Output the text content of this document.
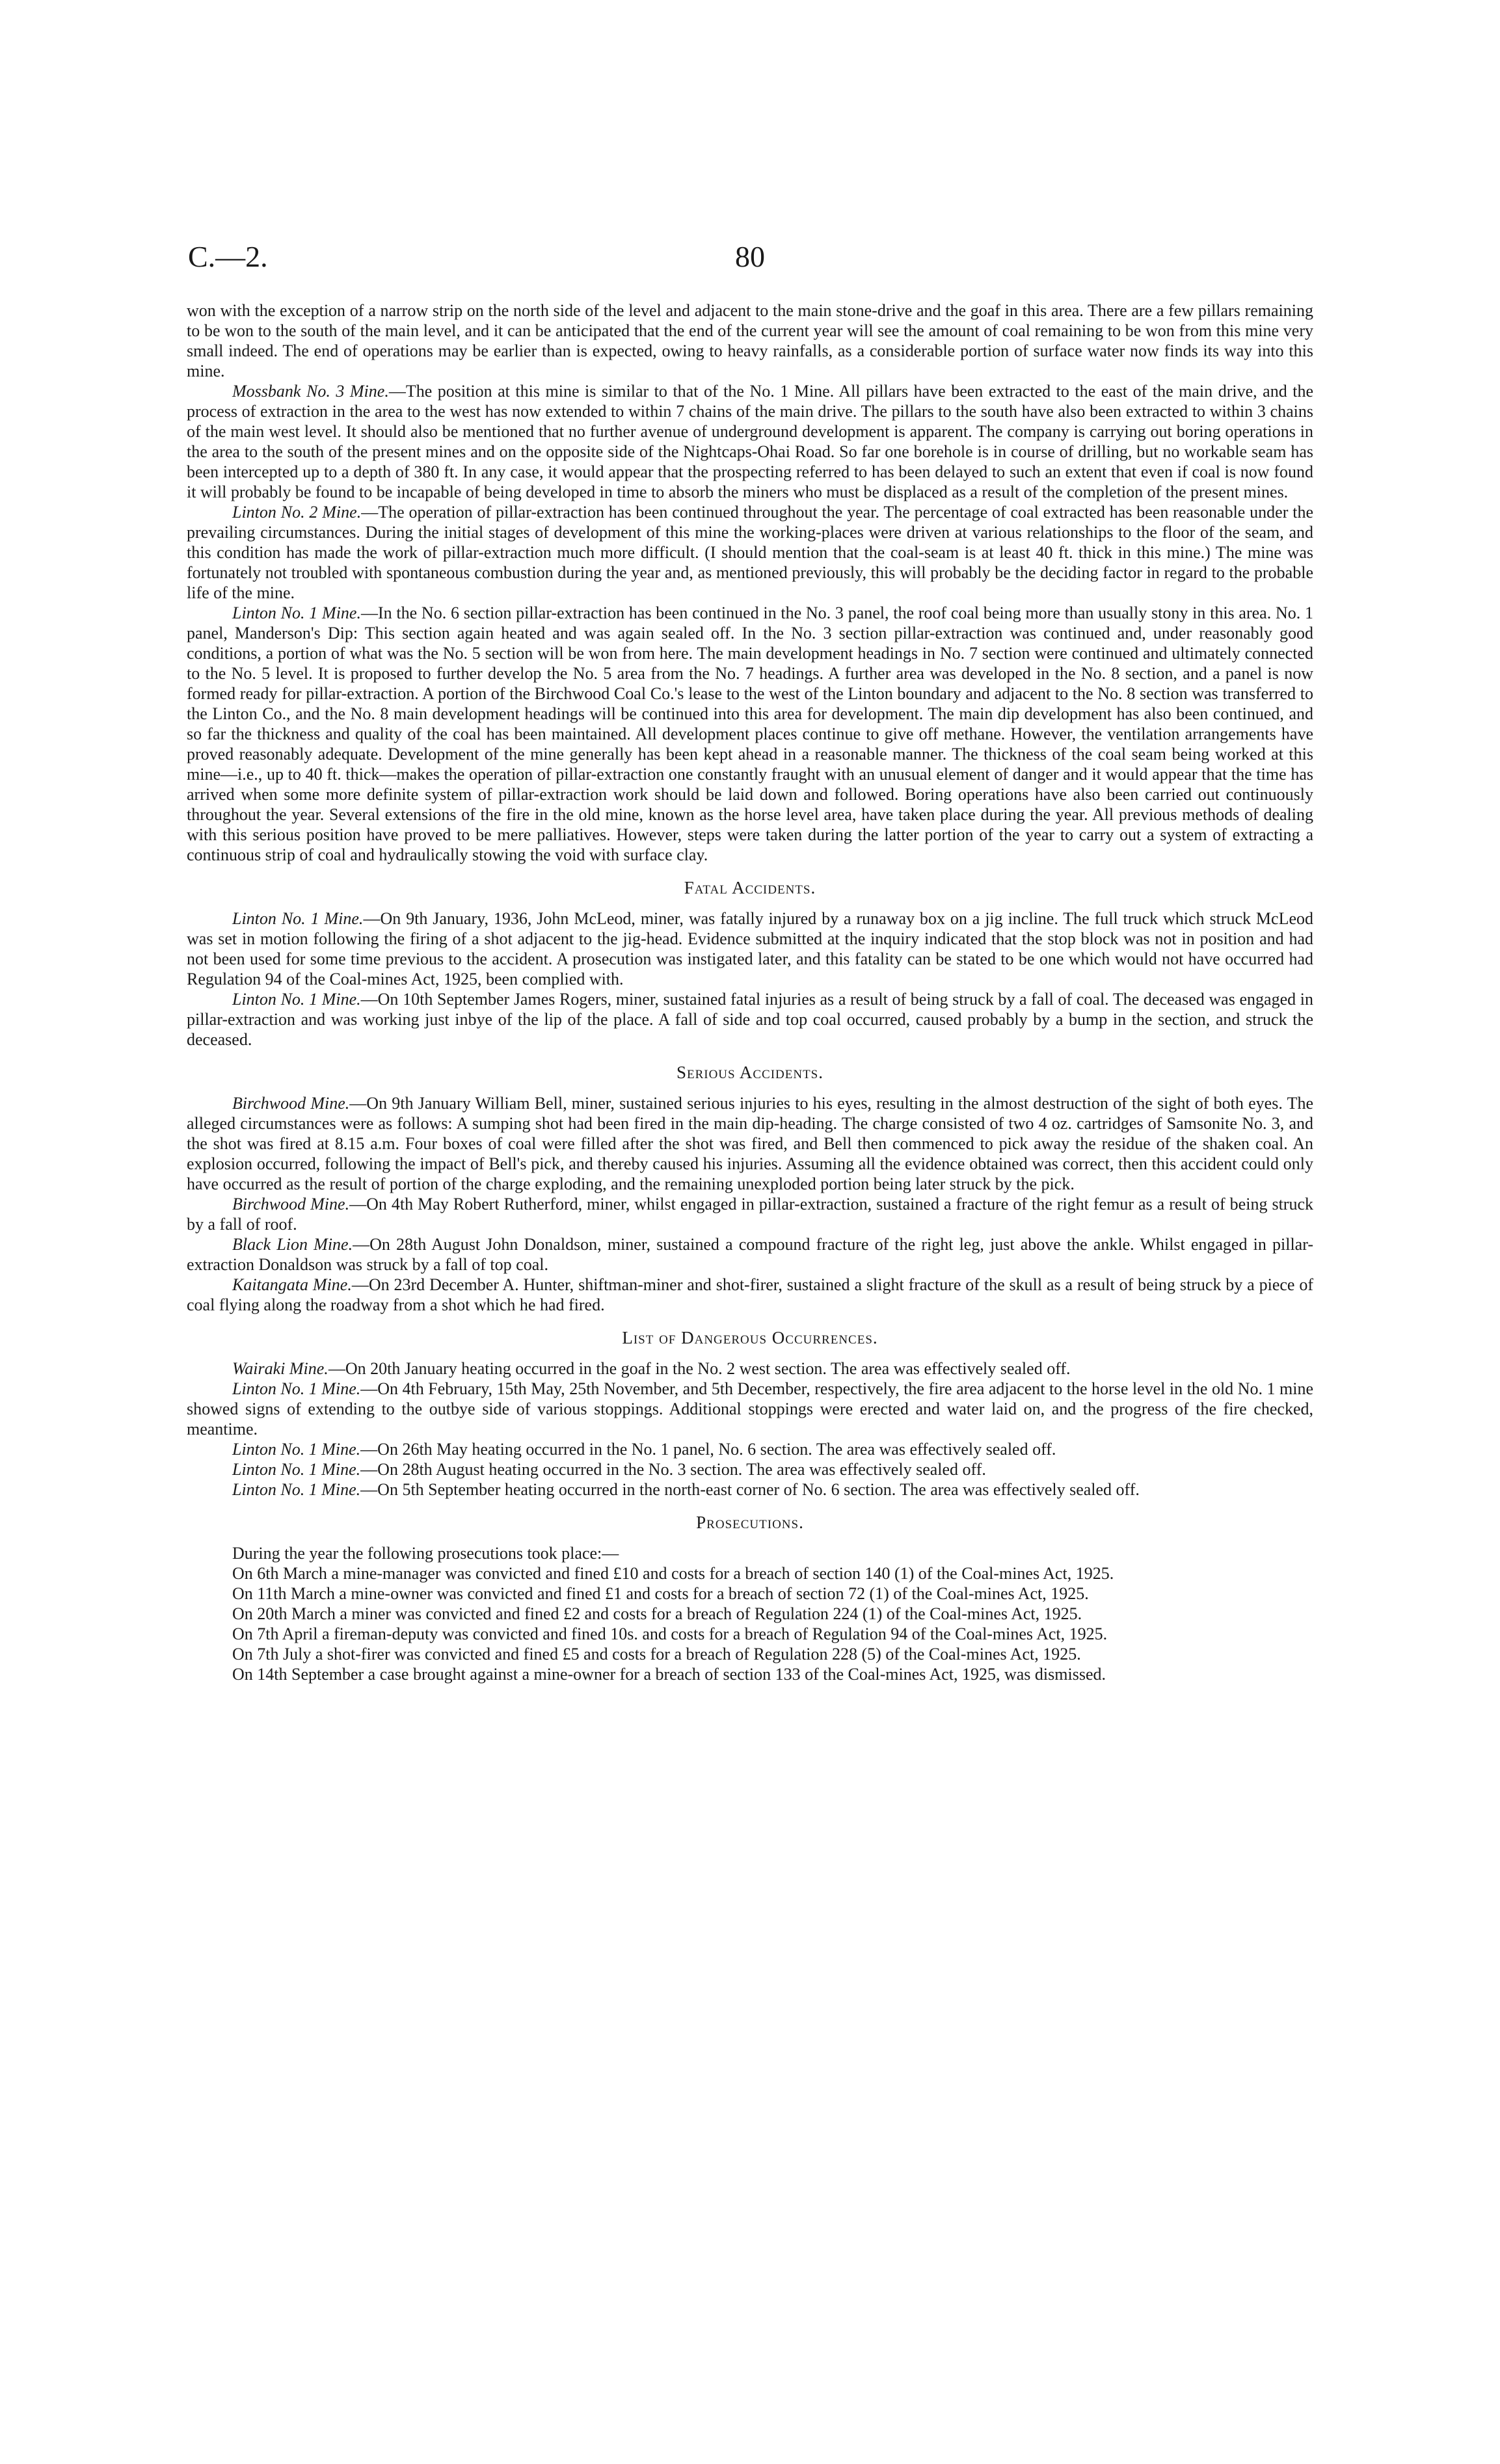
C.—2.	80

won with the exception of a narrow strip on the north side of the level and adjacent to the main stone-drive and the goaf in this area. There are a few pillars remaining to be won to the south of the main level, and it can be anticipated that the end of the current year will see the amount of coal remaining to be won from this mine very small indeed. The end of operations may be earlier than is expected, owing to heavy rainfalls, as a considerable portion of surface water now finds its way into this mine.

Mossbank No. 3 Mine.—The position at this mine is similar to that of the No. 1 Mine. All pillars have been extracted to the east of the main drive, and the process of extraction in the area to the west has now extended to within 7 chains of the main drive. The pillars to the south have also been extracted to within 3 chains of the main west level. It should also be mentioned that no further avenue of underground development is apparent. The company is carrying out boring operations in the area to the south of the present mines and on the opposite side of the Nightcaps-Ohai Road. So far one borehole is in course of drilling, but no workable seam has been intercepted up to a depth of 380 ft. In any case, it would appear that the prospecting referred to has been delayed to such an extent that even if coal is now found it will probably be found to be incapable of being developed in time to absorb the miners who must be displaced as a result of the completion of the present mines.

Linton No. 2 Mine.—The operation of pillar-extraction has been continued throughout the year. The percentage of coal extracted has been reasonable under the prevailing circumstances. During the initial stages of development of this mine the working-places were driven at various relationships to the floor of the seam, and this condition has made the work of pillar-extraction much more difficult. (I should mention that the coal-seam is at least 40 ft. thick in this mine.) The mine was fortunately not troubled with spontaneous combustion during the year and, as mentioned previously, this will probably be the deciding factor in regard to the probable life of the mine.

Linton No. 1 Mine.—In the No. 6 section pillar-extraction has been continued in the No. 3 panel, the roof coal being more than usually stony in this area. No. 1 panel, Manderson's Dip: This section again heated and was again sealed off. In the No. 3 section pillar-extraction was continued and, under reasonably good conditions, a portion of what was the No. 5 section will be won from here. The main development headings in No. 7 section were continued and ultimately connected to the No. 5 level. It is proposed to further develop the No. 5 area from the No. 7 headings. A further area was developed in the No. 8 section, and a panel is now formed ready for pillar-extraction. A portion of the Birchwood Coal Co.'s lease to the west of the Linton boundary and adjacent to the No. 8 section was transferred to the Linton Co., and the No. 8 main development headings will be continued into this area for development. The main dip development has also been continued, and so far the thickness and quality of the coal has been maintained. All development places continue to give off methane. However, the ventilation arrangements have proved reasonably adequate. Development of the mine generally has been kept ahead in a reasonable manner. The thickness of the coal seam being worked at this mine—i.e., up to 40 ft. thick—makes the operation of pillar-extraction one constantly fraught with an unusual element of danger and it would appear that the time has arrived when some more definite system of pillar-extraction work should be laid down and followed. Boring operations have also been carried out continuously throughout the year. Several extensions of the fire in the old mine, known as the horse level area, have taken place during the year. All previous methods of dealing with this serious position have proved to be mere palliatives. However, steps were taken during the latter portion of the year to carry out a system of extracting a continuous strip of coal and hydraulically stowing the void with surface clay.

Fatal Accidents.

Linton No. 1 Mine.—On 9th January, 1936, John McLeod, miner, was fatally injured by a runaway box on a jig incline. The full truck which struck McLeod was set in motion following the firing of a shot adjacent to the jig-head. Evidence submitted at the inquiry indicated that the stop block was not in position and had not been used for some time previous to the accident. A prosecution was instigated later, and this fatality can be stated to be one which would not have occurred had Regulation 94 of the Coal-mines Act, 1925, been complied with.

Linton No. 1 Mine.—On 10th September James Rogers, miner, sustained fatal injuries as a result of being struck by a fall of coal. The deceased was engaged in pillar-extraction and was working just inbye of the lip of the place. A fall of side and top coal occurred, caused probably by a bump in the section, and struck the deceased.

Serious Accidents.

Birchwood Mine.—On 9th January William Bell, miner, sustained serious injuries to his eyes, resulting in the almost destruction of the sight of both eyes. The alleged circumstances were as follows: A sumping shot had been fired in the main dip-heading. The charge consisted of two 4 oz. cartridges of Samsonite No. 3, and the shot was fired at 8.15 a.m. Four boxes of coal were filled after the shot was fired, and Bell then commenced to pick away the residue of the shaken coal. An explosion occurred, following the impact of Bell's pick, and thereby caused his injuries. Assuming all the evidence obtained was correct, then this accident could only have occurred as the result of portion of the charge exploding, and the remaining unexploded portion being later struck by the pick.

Birchwood Mine.—On 4th May Robert Rutherford, miner, whilst engaged in pillar-extraction, sustained a fracture of the right femur as a result of being struck by a fall of roof.

Black Lion Mine.—On 28th August John Donaldson, miner, sustained a compound fracture of the right leg, just above the ankle. Whilst engaged in pillar-extraction Donaldson was struck by a fall of top coal.

Kaitangata Mine.—On 23rd December A. Hunter, shiftman-miner and shot-firer, sustained a slight fracture of the skull as a result of being struck by a piece of coal flying along the roadway from a shot which he had fired.

List of Dangerous Occurrences.

Wairaki Mine.—On 20th January heating occurred in the goaf in the No. 2 west section. The area was effectively sealed off.

Linton No. 1 Mine.—On 4th February, 15th May, 25th November, and 5th December, respectively, the fire area adjacent to the horse level in the old No. 1 mine showed signs of extending to the outbye side of various stoppings. Additional stoppings were erected and water laid on, and the progress of the fire checked, meantime.

Linton No. 1 Mine.—On 26th May heating occurred in the No. 1 panel, No. 6 section. The area was effectively sealed off.

Linton No. 1 Mine.—On 28th August heating occurred in the No. 3 section. The area was effectively sealed off.

Linton No. 1 Mine.—On 5th September heating occurred in the north-east corner of No. 6 section. The area was effectively sealed off.

Prosecutions.

During the year the following prosecutions took place:—

On 6th March a mine-manager was convicted and fined £10 and costs for a breach of section 140 (1) of the Coal-mines Act, 1925.

On 11th March a mine-owner was convicted and fined £1 and costs for a breach of section 72 (1) of the Coal-mines Act, 1925.

On 20th March a miner was convicted and fined £2 and costs for a breach of Regulation 224 (1) of the Coal-mines Act, 1925.

On 7th April a fireman-deputy was convicted and fined 10s. and costs for a breach of Regulation 94 of the Coal-mines Act, 1925.

On 7th July a shot-firer was convicted and fined £5 and costs for a breach of Regulation 228 (5) of the Coal-mines Act, 1925.

On 14th September a case brought against a mine-owner for a breach of section 133 of the Coal-mines Act, 1925, was dismissed.
